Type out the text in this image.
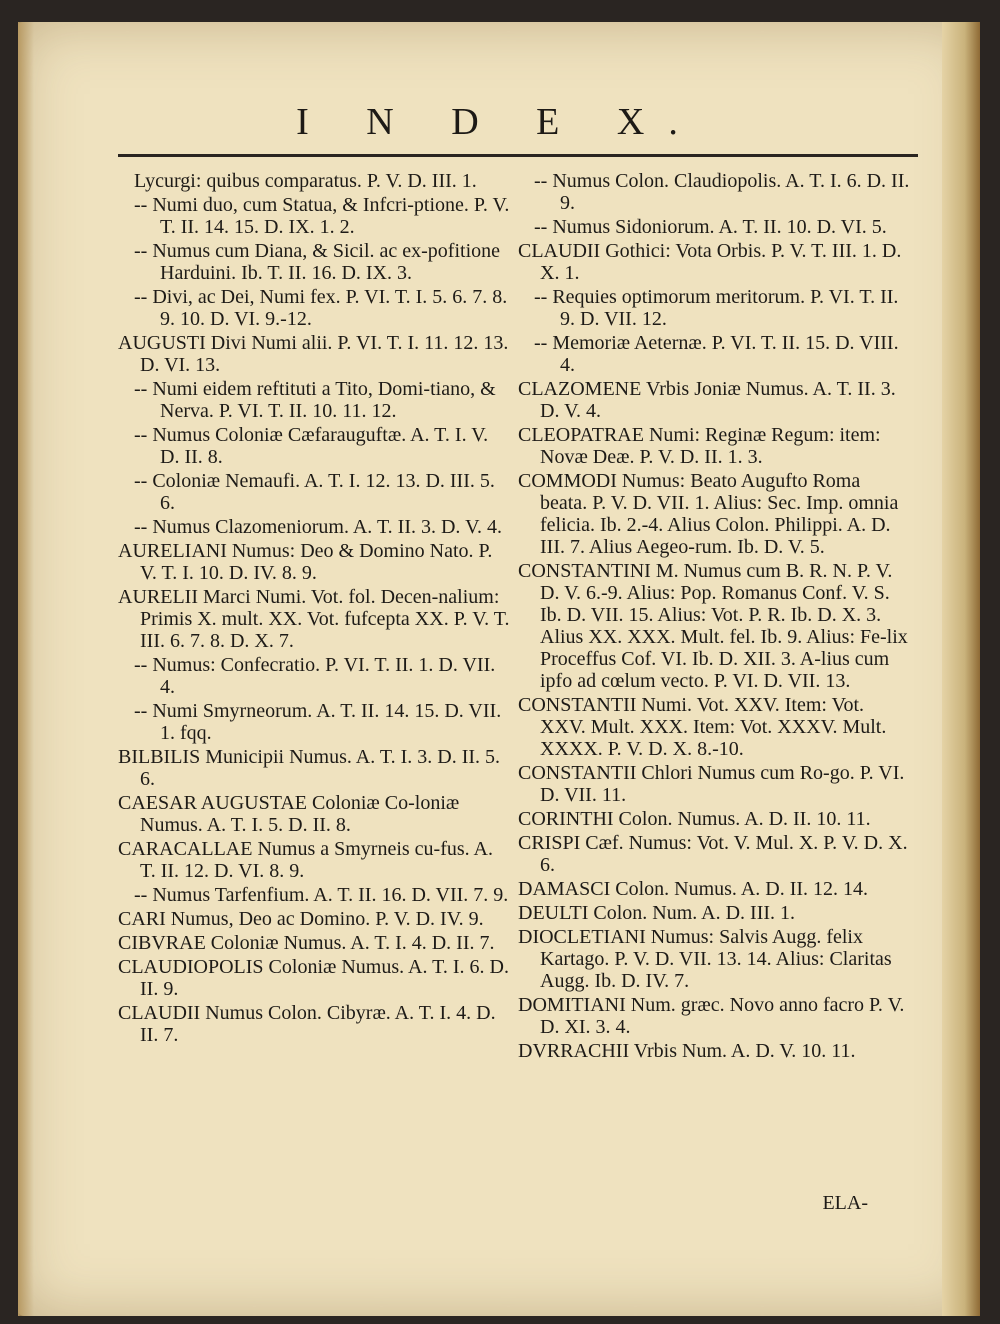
I N D E X.

Lycurgi: quibus comparatus. P. V. D. III. 1.

-- Numi duo, cum Statua, & Infcri-ptione. P. V. T. II. 14. 15. D. IX. 1. 2.

-- Numus cum Diana, & Sicil. ac ex-pofitione Harduini. Ib. T. II. 16. D. IX. 3.

-- Divi, ac Dei, Numi fex. P. VI. T. I. 5. 6. 7. 8. 9. 10. D. VI. 9.-12.

AUGUSTI Divi Numi alii. P. VI. T. I. 11. 12. 13. D. VI. 13.

-- Numi eidem reftituti a Tito, Domi-tiano, & Nerva. P. VI. T. II. 10. 11. 12.

-- Numus Coloniæ Cæfarauguftæ. A. T. I. V. D. II. 8.

-- Coloniæ Nemaufi. A. T. I. 12. 13. D. III. 5. 6.

-- Numus Clazomeniorum. A. T. II. 3. D. V. 4.

AURELIANI Numus: Deo & Domino Nato. P. V. T. I. 10. D. IV. 8. 9.

AURELII Marci Numi. Vot. fol. Decen-nalium: Primis X. mult. XX. Vot. fufcepta XX. P. V. T. III. 6. 7. 8. D. X. 7.

-- Numus: Confecratio. P. VI. T. II. 1. D. VII. 4.

-- Numi Smyrneorum. A. T. II. 14. 15. D. VII. 1. fqq.

BILBILIS Municipii Numus. A. T. I. 3. D. II. 5. 6.

CAESAR AUGUSTAE Coloniæ Co-loniæ Numus. A. T. I. 5. D. II. 8.

CARACALLAE Numus a Smyrneis cu-fus. A. T. II. 12. D. VI. 8. 9.

-- Numus Tarfenfium. A. T. II. 16. D. VII. 7. 9.

CARI Numus, Deo ac Domino. P. V. D. IV. 9.

CIBVRAE Coloniæ Numus. A. T. I. 4. D. II. 7.

CLAUDIOPOLIS Coloniæ Numus. A. T. I. 6. D. II. 9.

CLAUDII Numus Colon. Cibyræ. A. T. I. 4. D. II. 7.

-- Numus Colon. Claudiopolis. A. T. I. 6. D. II. 9.

-- Numus Sidoniorum. A. T. II. 10. D. VI. 5.

CLAUDII Gothici: Vota Orbis. P. V. T. III. 1. D. X. 1.

-- Requies optimorum meritorum. P. VI. T. II. 9. D. VII. 12.

-- Memoriæ Aeternæ. P. VI. T. II. 15. D. VIII. 4.

CLAZOMENE Vrbis Joniæ Numus. A. T. II. 3. D. V. 4.

CLEOPATRAE Numi: Reginæ Regum: item: Novæ Deæ. P. V. D. II. 1. 3.

COMMODI Numus: Beato Augufto Roma beata. P. V. D. VII. 1. Alius: Sec. Imp. omnia felicia. Ib. 2.-4. Alius Colon. Philippi. A. D. III. 7. Alius Aegeo-rum. Ib. D. V. 5.

CONSTANTINI M. Numus cum B. R. N. P. V. D. V. 6.-9. Alius: Pop. Romanus Conf. V. S. Ib. D. VII. 15. Alius: Vot. P. R. Ib. D. X. 3. Alius XX. XXX. Mult. fel. Ib. 9. Alius: Fe-lix Proceffus Cof. VI. Ib. D. XII. 3. A-lius cum ipfo ad cœlum vecto. P. VI. D. VII. 13.

CONSTANTII Numi. Vot. XXV. Item: Vot. XXV. Mult. XXX. Item: Vot. XXXV. Mult. XXXX. P. V. D. X. 8.-10.

CONSTANTII Chlori Numus cum Ro-go. P. VI. D. VII. 11.

CORINTHI Colon. Numus. A. D. II. 10. 11.

CRISPI Cæf. Numus: Vot. V. Mul. X. P. V. D. X. 6.

DAMASCI Colon. Numus. A. D. II. 12. 14.

DEULTI Colon. Num. A. D. III. 1.

DIOCLETIANI Numus: Salvis Augg. felix Kartago. P. V. D. VII. 13. 14. Alius: Claritas Augg. Ib. D. IV. 7.

DOMITIANI Num. græc. Novo anno facro P. V. D. XI. 3. 4.

DVRRACHII Vrbis Num. A. D. V. 10. 11.

ELA-
